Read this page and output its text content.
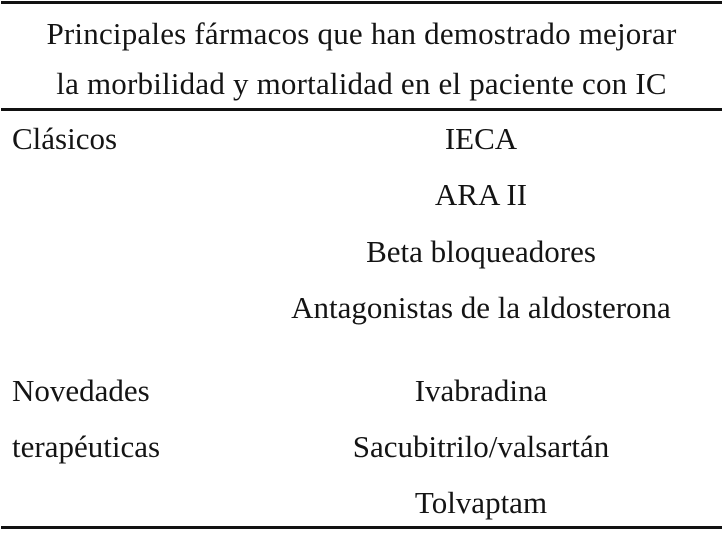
Principales fármacos que han demostrado mejorar
la morbilidad y mortalidad en el paciente con IC
Clásicos	IECA
ARA II
Beta bloqueadores
Antagonistas de la aldosterona
Novedades
terapéuticas
Ivabradina
Sacubitrilo/valsartán
Tolvaptam
